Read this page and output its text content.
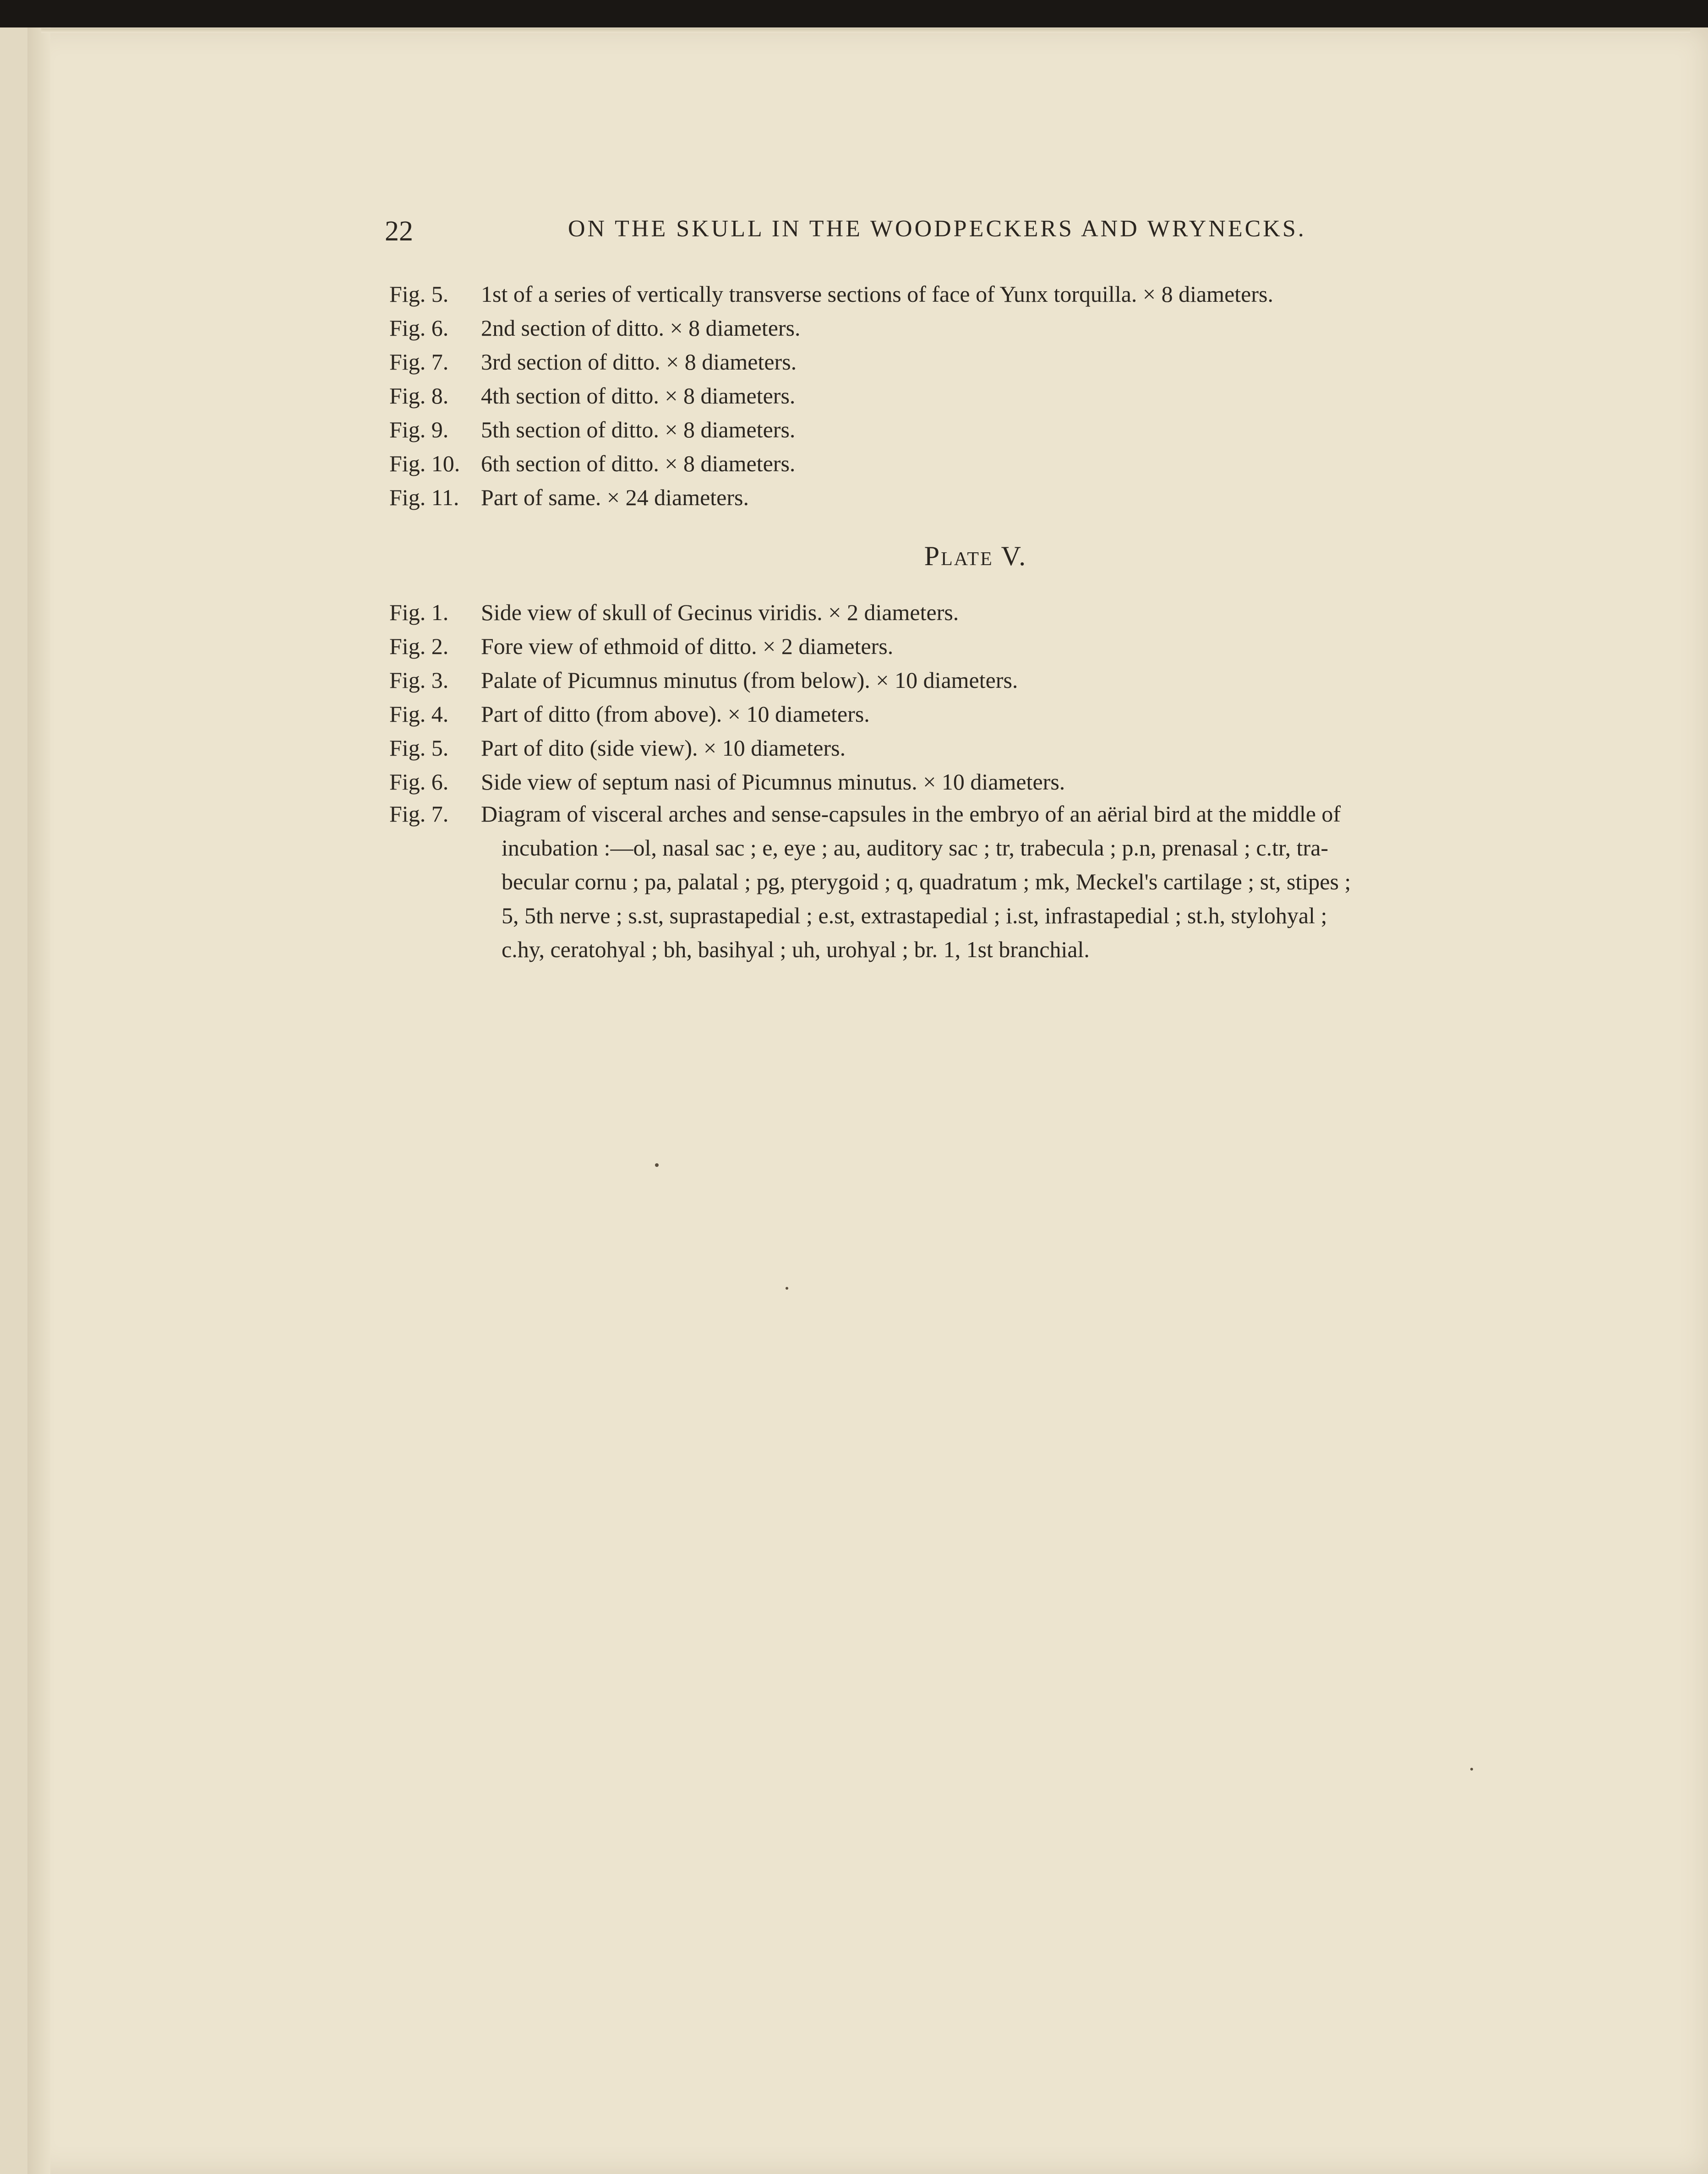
22	ON THE SKULL IN THE WOODPECKERS AND WRYNECKS.
Fig. 5. 1st of a series of vertically transverse sections of face of Yunx torquilla. × 8 diameters.
Fig. 6. 2nd section of ditto. × 8 diameters.
Fig. 7. 3rd section of ditto. × 8 diameters.
Fig. 8. 4th section of ditto. × 8 diameters.
Fig. 9. 5th section of ditto. × 8 diameters.
Fig. 10. 6th section of ditto. × 8 diameters.
Fig. 11. Part of same. × 24 diameters.
Plate V.
Fig. 1. Side view of skull of Gecinus viridis. × 2 diameters.
Fig. 2. Fore view of ethmoid of ditto. × 2 diameters.
Fig. 3. Palate of Picumnus minutus (from below). × 10 diameters.
Fig. 4. Part of ditto (from above). × 10 diameters.
Fig. 5. Part of dito (side view). × 10 diameters.
Fig. 6. Side view of septum nasi of Picumnus minutus. × 10 diameters.
Fig. 7. Diagram of visceral arches and sense-capsules in the embryo of an aërial bird at the middle of
incubation :—ol, nasal sac ; e, eye ; au, auditory sac ; tr, trabecula ; p.n, prenasal ; c.tr, tra-
becular cornu ; pa, palatal ; pg, pterygoid ; q, quadratum ; mk, Meckel's cartilage ; st, stipes ;
5, 5th nerve ; s.st, suprastapedial ; e.st, extrastapedial ; i.st, infrastapedial ; st.h, stylohyal ;
c.hy, ceratohyal ; bh, basihyal ; uh, urohyal ; br. 1, 1st branchial.
